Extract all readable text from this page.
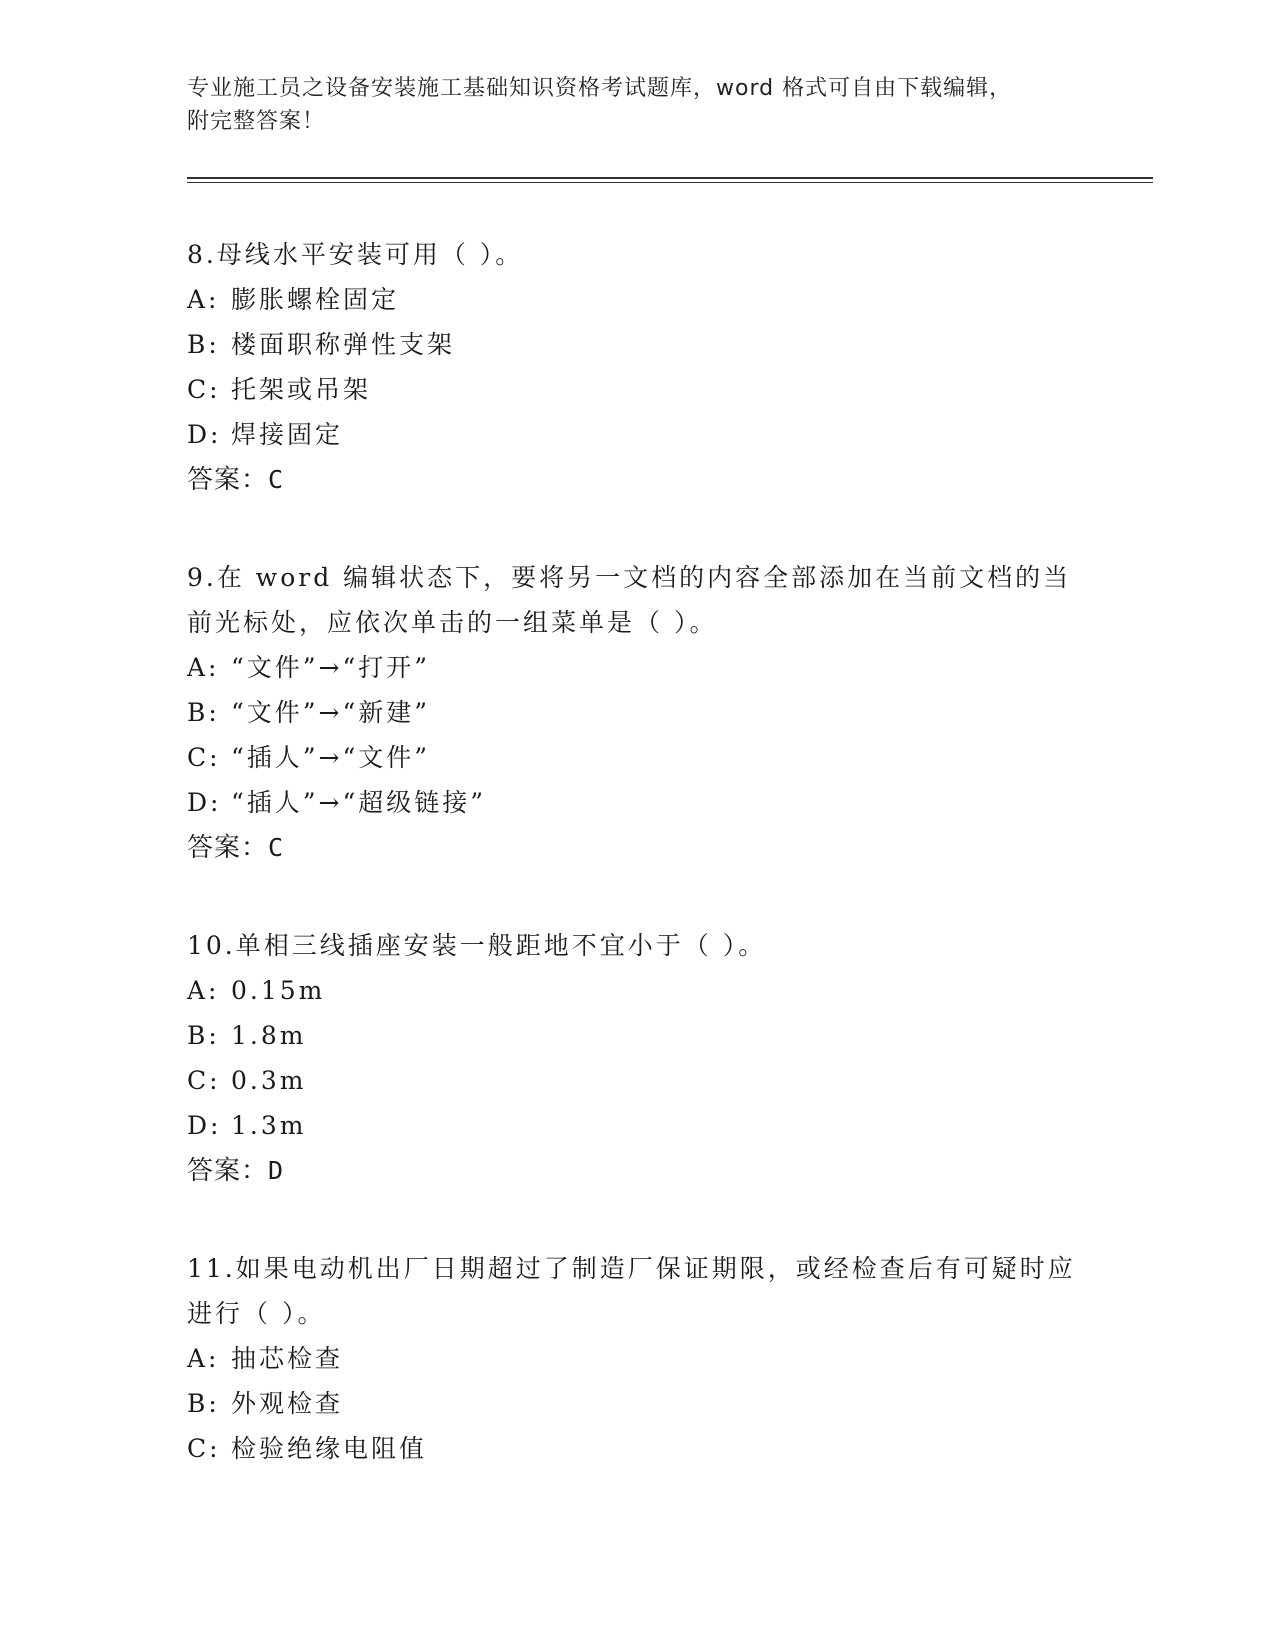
专业施工员之设备安装施工基础知识资格考试题库，word 格式可自由下载编辑，
附完整答案！
8.母线水平安装可用（ ）。
A: 膨胀螺栓固定
B: 楼面职称弹性支架
C: 托架或吊架
D: 焊接固定
答案：C
9.在 word 编辑状态下，要将另一文档的内容全部添加在当前文档的当前光标处，应依次单击的一组菜单是（ ）。
A: “文件”→“打开”
B: “文件”→“新建”
C: “插人”→“文件”
D: “插人”→“超级链接”
答案：C
10.单相三线插座安装一般距地不宜小于（ ）。
A: 0.15m
B: 1.8m
C: 0.3m
D: 1.3m
答案：D
11.如果电动机出厂日期超过了制造厂保证期限，或经检查后有可疑时应进行（ ）。
A: 抽芯检查
B: 外观检查
C: 检验绝缘电阻值
